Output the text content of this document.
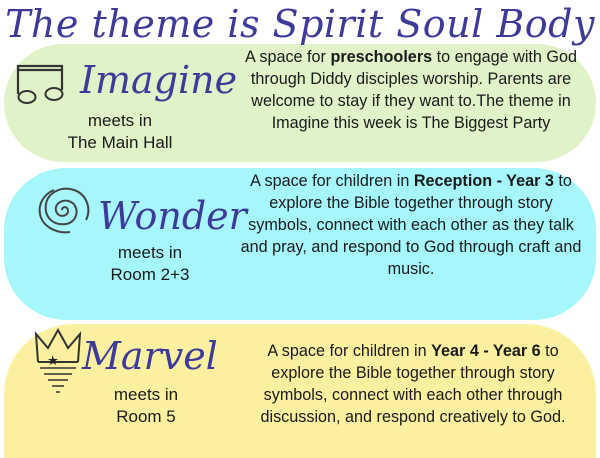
The theme is Spirit Soul Body
Imagine
meets in
The Main Hall
A space for preschoolers to engage with God through Diddy disciples worship. Parents are welcome to stay if they want to.The theme in Imagine this week is The Biggest Party
Wonder
meets in
Room 2+3
A space for children in Reception - Year 3 to explore the Bible together through story symbols, connect with each other as they talk and pray, and respond to God through craft and music.
Marvel
meets in
Room 5
A space for children in Year 4 - Year 6 to explore the Bible together through story symbols, connect with each other through discussion, and respond creatively to God.
